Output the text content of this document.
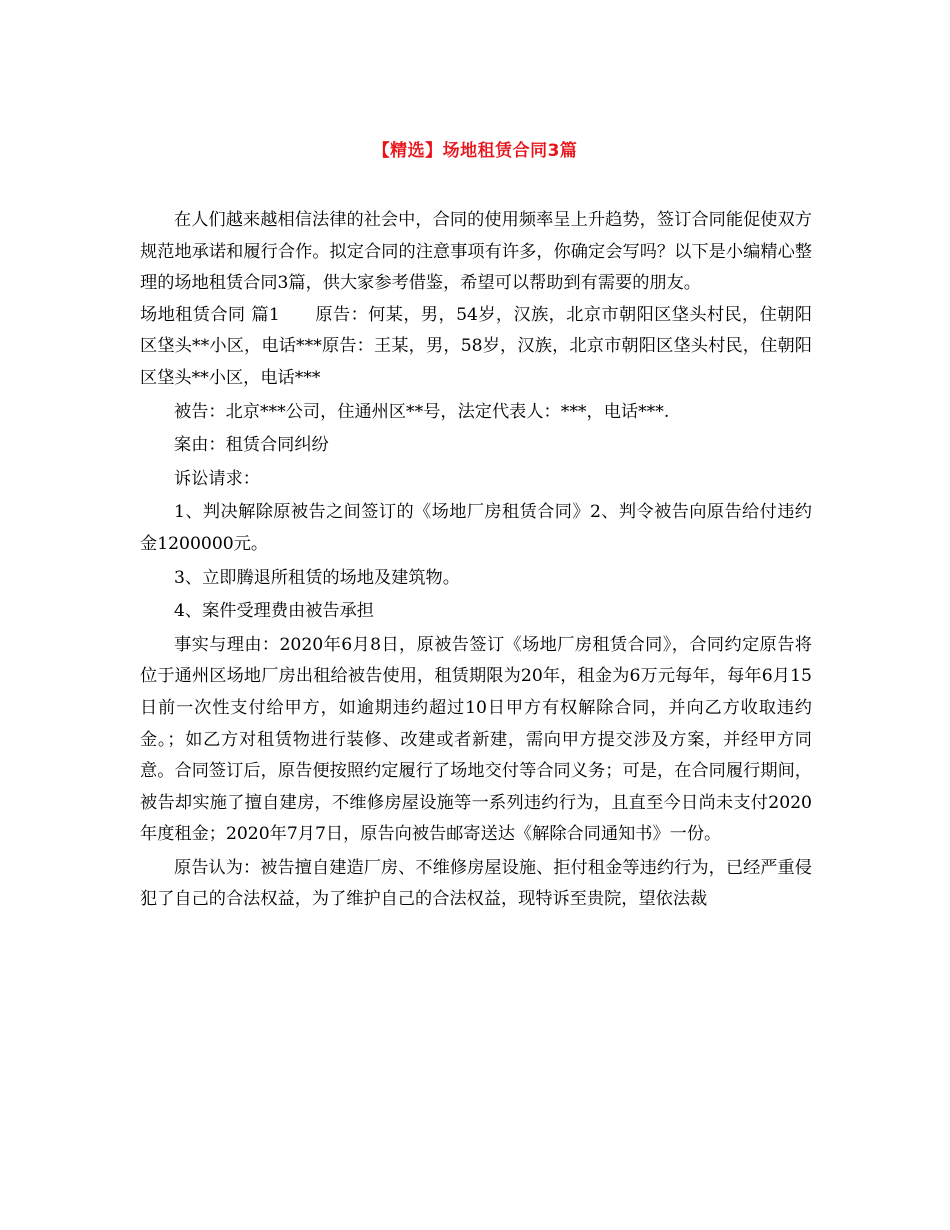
【精选】场地租赁合同3篇

在人们越来越相信法律的社会中，合同的使用频率呈上升趋势，签订合同能促使双方规范地承诺和履行合作。拟定合同的注意事项有许多，你确定会写吗？以下是小编精心整理的场地租赁合同3篇，供大家参考借鉴，希望可以帮助到有需要的朋友。

场地租赁合同 篇1　　原告：何某，男，54岁，汉族，北京市朝阳区垡头村民，住朝阳区垡头**小区，电话***原告：王某，男，58岁，汉族，北京市朝阳区垡头村民，住朝阳区垡头**小区，电话***

被告：北京***公司，住通州区**号，法定代表人：***，电话***.

案由：租赁合同纠纷

诉讼请求：

1、判决解除原被告之间签订的《场地厂房租赁合同》2、判令被告向原告给付违约金1200000元。

3、立即腾退所租赁的场地及建筑物。

4、案件受理费由被告承担

事实与理由：2020年6月8日，原被告签订《场地厂房租赁合同》，合同约定原告将位于通州区场地厂房出租给被告使用，租赁期限为20年，租金为6万元每年，每年6月15日前一次性支付给甲方，如逾期违约超过10日甲方有权解除合同，并向乙方收取违约金。；如乙方对租赁物进行装修、改建或者新建，需向甲方提交涉及方案，并经甲方同意。合同签订后，原告便按照约定履行了场地交付等合同义务；可是，在合同履行期间，被告却实施了擅自建房，不维修房屋设施等一系列违约行为，且直至今日尚未支付2020年度租金；2020年7月7日，原告向被告邮寄送达《解除合同通知书》一份。

原告认为：被告擅自建造厂房、不维修房屋设施、拒付租金等违约行为，已经严重侵犯了自己的合法权益，为了维护自己的合法权益，现特诉至贵院，望依法裁
